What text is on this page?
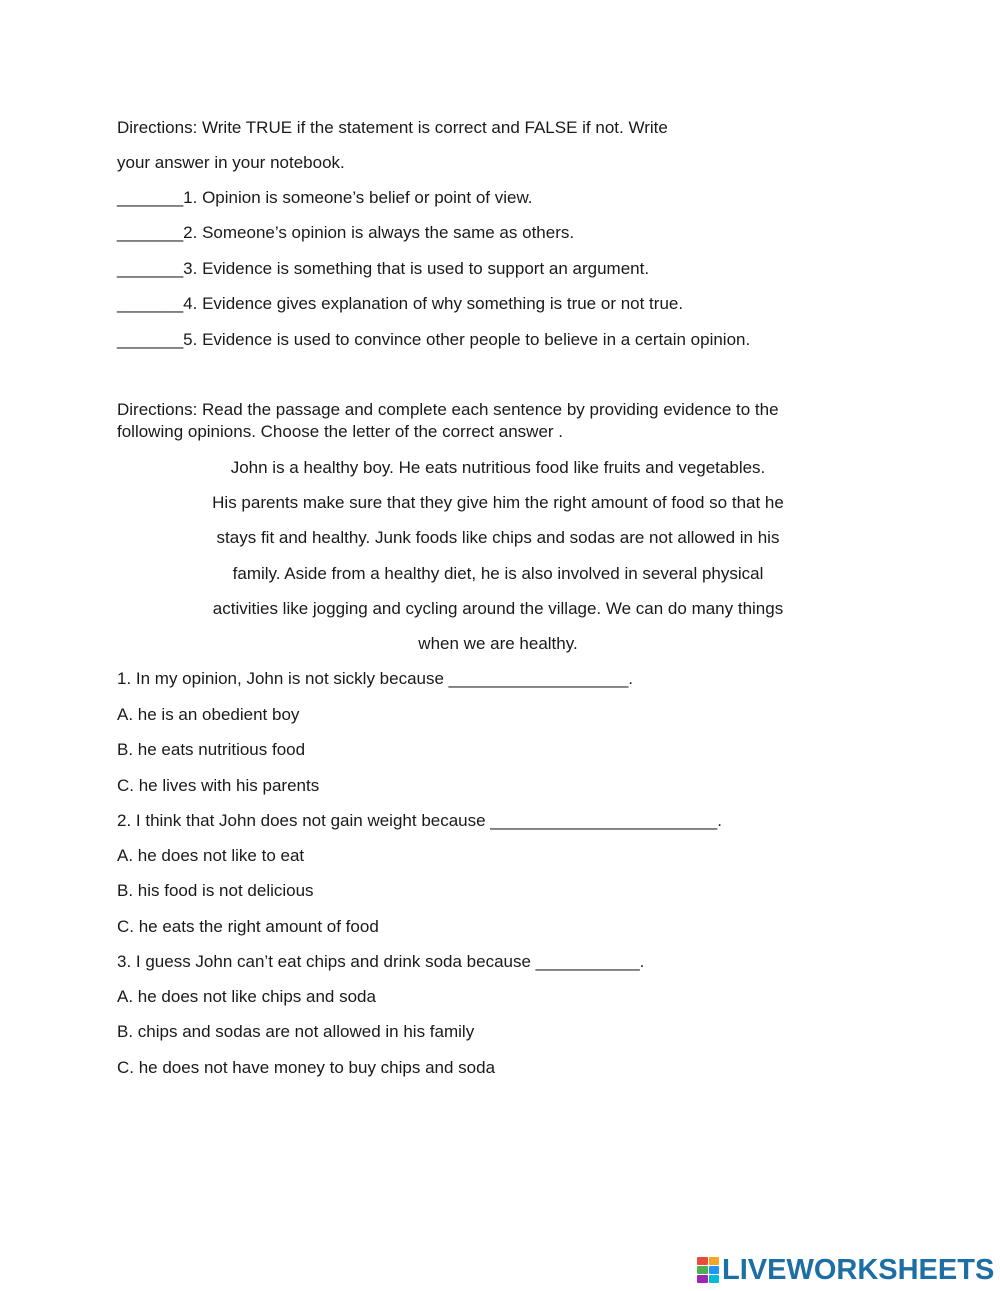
Directions: Write TRUE if the statement is correct and FALSE if not. Write
your answer in your notebook.
_______1. Opinion is someone’s belief or point of view.
_______2. Someone’s opinion is always the same as others.
_______3. Evidence is something that is used to support an argument.
_______4. Evidence gives explanation of why something is true or not true.
_______5. Evidence is used to convince other people to believe in a certain opinion.
Directions: Read the passage and complete each sentence by providing evidence to the
following opinions. Choose the letter of the correct answer .
John is a healthy boy. He eats nutritious food like fruits and vegetables.
His parents make sure that they give him the right amount of food so that he
stays fit and healthy. Junk foods like chips and sodas are not allowed in his
family. Aside from a healthy diet, he is also involved in several physical
activities like jogging and cycling around the village. We can do many things
when we are healthy.
1. In my opinion, John is not sickly because ___________________.
A. he is an obedient boy
B. he eats nutritious food
C. he lives with his parents
2. I think that John does not gain weight because ________________________.
A. he does not like to eat
B. his food is not delicious
C. he eats the right amount of food
3. I guess John can’t eat chips and drink soda because ___________.
A. he does not like chips and soda
B. chips and sodas are not allowed in his family
C. he does not have money to buy chips and soda
LIVEWORKSHEETS
